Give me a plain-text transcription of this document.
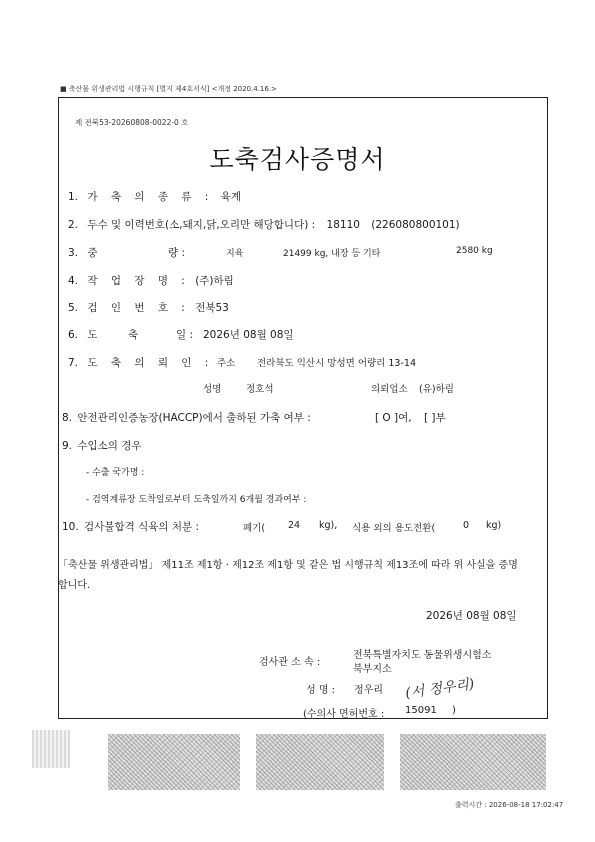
■ 축산물 위생관리법 시행규칙 [별지 제4호서식] <개정 2020.4.16.>
제 전북53-20260808-0022-0 호
도축검사증명서
1. 가 축 의 종 류 : 육계
2. 두수 및 이력번호(소,돼지,닭,오리만 해당합니다) : 18110 (226080800101)
3. 중	량 :	지육	21499 kg, 내장 등 기타	2580 kg
4. 작 업 장 명 : (주)하림
5. 검 인 번 호 : 전북53
6. 도	축	일 : 2026년 08월 08일
7. 도 축 의 뢰 인 : 주소 전라북도 익산시 망성면 어량리 13-14
성명	정호석	의뢰업소 (유)하림
8. 안전관리인증농장(HACCP)에서 출하된 가축 여부 :	[ O ]여, [ ]부
9. 수입소의 경우
- 수출 국가명 :
- 검역계류장 도착일로부터 도축일까지 6개월 경과여부 :
10. 검사불합격 식육의 처분 :	폐기( 24 kg), 식용 외의 용도전환(	0 kg)
「축산물 위생관리법」 제11조 제1항 · 제12조 제1항 및 같은 법 시행규칙 제13조에 따라 위 사실을 증명
합니다.
2026년 08월 08일
검사관 소 속 :
전북특별자치도 동물위생시험소
북부지소
성 명 : 정우리 (서 정우리)
(수의사 면허번호 : 15091 )
출력시간 : 2026-08-18 17:02:47
